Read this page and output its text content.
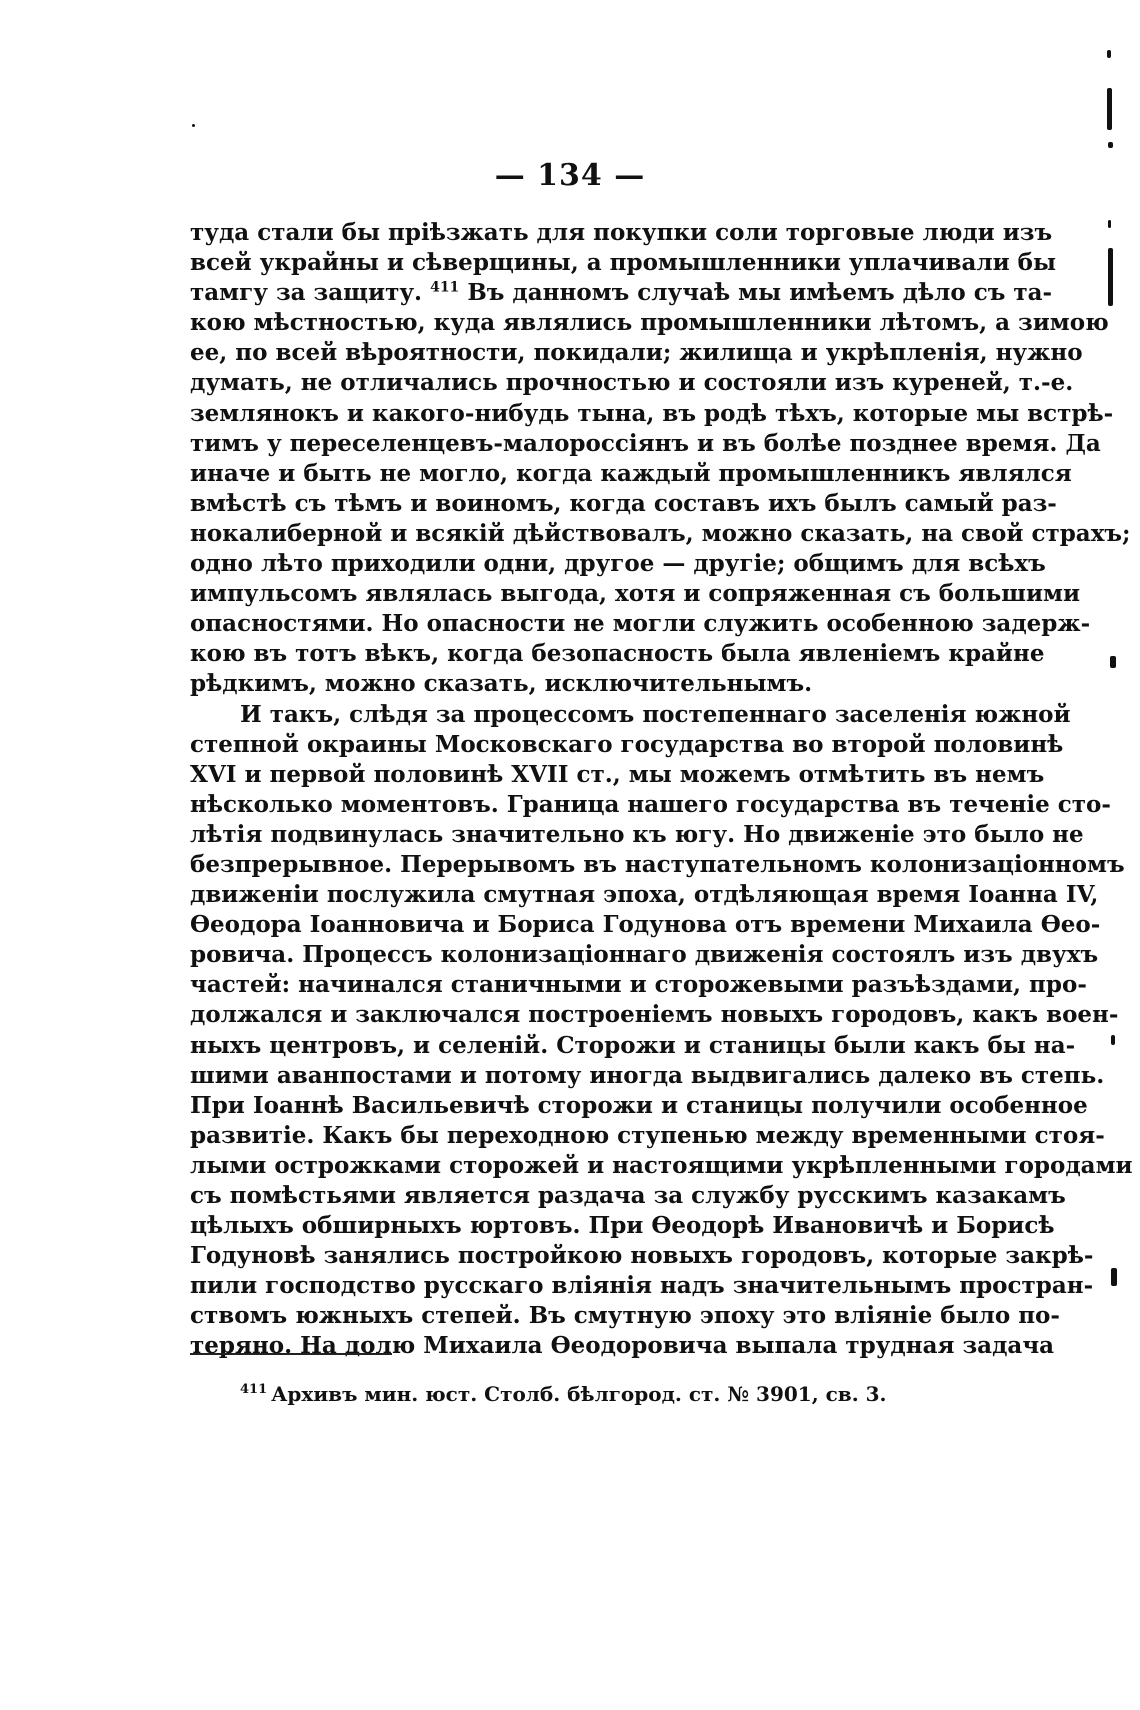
— 134 —
туда стали бы пріѣзжать для покупки соли торговые люди изъ
всей украйны и сѣверщины, а промышленники уплачивали бы
тамгу за защиту. $^{411}$ Въ данномъ случаѣ мы имѣемъ дѣло съ та-
кою мѣстностью, куда являлись промышленники лѣтомъ, а зимою
ее, по всей вѣроятности, покидали; жилища и укрѣпленія, нужно
думать, не отличались прочностью и состояли изъ куреней, т.-е.
землянокъ и какого-нибудь тына, въ родѣ тѣхъ, которые мы встрѣ-
тимъ у переселенцевъ-малороссіянъ и въ болѣе позднее время. Да
иначе и быть не могло, когда каждый промышленникъ являлся
вмѣстѣ съ тѣмъ и воиномъ, когда составъ ихъ былъ самый раз-
нокалиберной и всякій дѣйствовалъ, можно сказать, на свой страхъ;
одно лѣто приходили одни, другое — другіе; общимъ для всѣхъ
импульсомъ являлась выгода, хотя и сопряженная съ большими
опасностями. Но опасности не могли служить особенною задерж-
кою въ тотъ вѣкъ, когда безопасность была явленіемъ крайне
рѣдкимъ, можно сказать, исключительнымъ.
И такъ, слѣдя за процессомъ постепеннаго заселенія южной
степной окраины Московскаго государства во второй половинѣ
XVI и первой половинѣ XVII ст., мы можемъ отмѣтить въ немъ
нѣсколько моментовъ. Граница нашего государства въ теченіе сто-
лѣтія подвинулась значительно къ югу. Но движеніе это было не
безпрерывное. Перерывомъ въ наступательномъ колонизаціонномъ
движеніи послужила смутная эпоха, отдѣляющая время Іоанна IV,
Ѳеодора Іоанновича и Бориса Годунова отъ времени Михаила Ѳео-
ровича. Процессъ колонизаціоннаго движенія состоялъ изъ двухъ
частей: начинался станичными и сторожевыми разъѣздами, про-
должался и заключался построеніемъ новыхъ городовъ, какъ воен-
ныхъ центровъ, и селеній. Сторожи и станицы были какъ бы на-
шими аванпостами и потому иногда выдвигались далеко въ степь.
При Іоаннѣ Васильевичѣ сторожи и станицы получили особенное
развитіе. Какъ бы переходною ступенью между временными стоя-
лыми острожками сторожей и настоящими укрѣпленными городами
съ помѣстьями является раздача за службу русскимъ казакамъ
цѣлыхъ обширныхъ юртовъ. При Ѳеодорѣ Ивановичѣ и Борисѣ
Годуновѣ занялись постройкою новыхъ городовъ, которые закрѣ-
пили господство русскаго вліянія надъ значительнымъ простран-
ствомъ южныхъ степей. Въ смутную эпоху это вліяніе было по-
теряно. На долю Михаила Ѳеодоровича выпала трудная задача
$^{411}$ Архивъ мин. юст. Столб. бѣлгород. ст. № 3901, св. 3.
